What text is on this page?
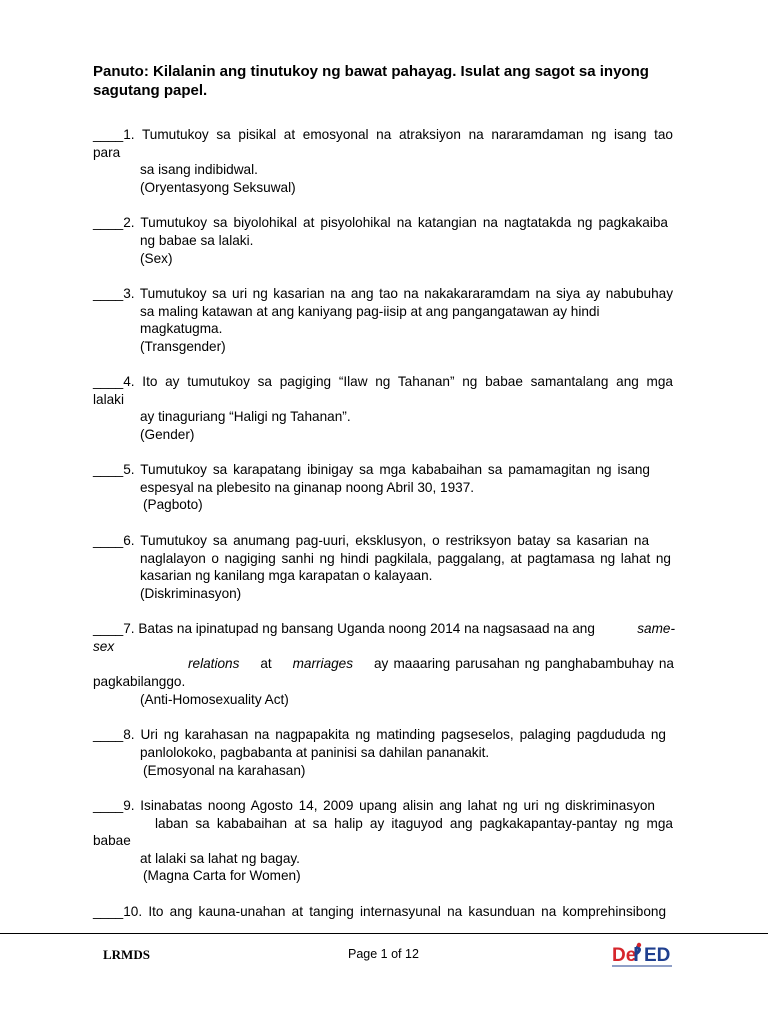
Panuto: Kilalanin ang tinutukoy ng bawat pahayag. Isulat ang sagot sa inyong sagutang papel.
____1. Tumutukoy sa pisikal at emosyonal na atraksiyon na nararamdaman ng isang tao
para
sa isang indibidwal.
(Oryentasyong Seksuwal)
____2. Tumutukoy sa biyolohikal at pisyolohikal na katangian na nagtatakda ng pagkakaiba
ng babae sa lalaki.
(Sex)
____3. Tumutukoy sa uri ng kasarian na ang tao na nakakararamdam na siya ay nabubuhay
sa maling katawan at ang kaniyang pag-iisip at ang pangangatawan ay hindi
magkatugma.
(Transgender)
____4. Ito ay tumutukoy sa pagiging “Ilaw ng Tahanan” ng babae samantalang ang mga
lalaki
ay tinaguriang “Haligi ng Tahanan”.
(Gender)
____5. Tumutukoy sa karapatang ibinigay sa mga kababaihan sa pamamagitan ng isang
espesyal na plebesito na ginanap noong Abril 30, 1937.
(Pagboto)
____6. Tumutukoy sa anumang pag-uuri, eksklusyon, o restriksyon batay sa kasarian na
naglalayon o nagiging sanhi ng hindi pagkilala, paggalang, at pagtamasa ng lahat ng
kasarian ng kanilang mga karapatan o kalayaan.
(Diskriminasyon)
____7. Batas na ipinatupad ng bansang Uganda noong 2014 na nagsasaad na ang	same-
sex
relations at marriages ay maaaring parusahan ng panghabambuhay na
pagkabilanggo.
(Anti-Homosexuality Act)
____8. Uri ng karahasan na nagpapakita ng matinding pagseselos, palaging pagdududa ng
panlolokoko, pagbabanta at paninisi sa dahilan pananakit.
(Emosyonal na karahasan)
____9. Isinabatas noong Agosto 14, 2009 upang alisin ang lahat ng uri ng diskriminasyon
laban sa kababaihan at sa halip ay itaguyod ang pagkakapantay-pantay ng mga
babae
at lalaki sa lahat ng bagay.
(Magna Carta for Women)
____10. Ito ang kauna-unahan at tanging internasyunal na kasunduan na komprehinsibong
LRMDS	Page 1 of 12	De ED
